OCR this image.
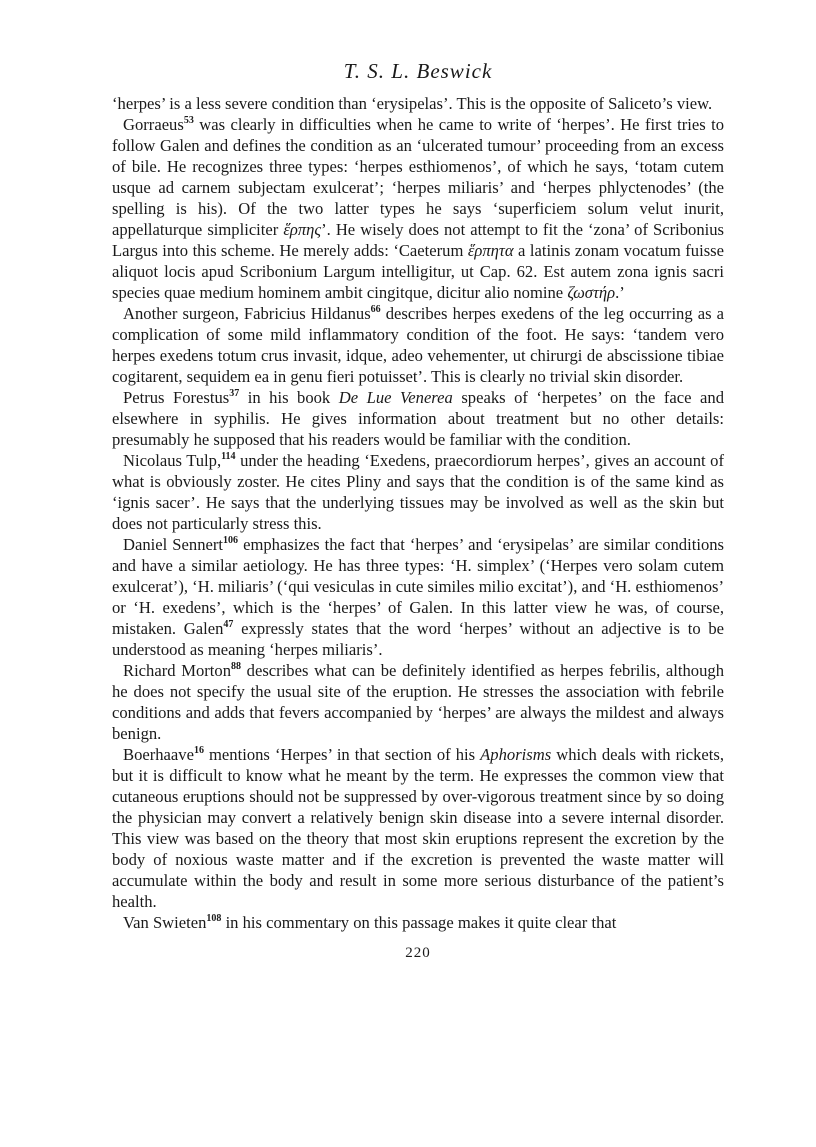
T. S. L. Beswick

‘herpes’ is a less severe condition than ‘erysipelas’. This is the opposite of Saliceto’s view.

Gorraeus$^{53}$ was clearly in difficulties when he came to write of ‘herpes’. He first tries to follow Galen and defines the condition as an ‘ulcerated tumour’ proceeding from an excess of bile. He recognizes three types: ‘herpes esthiomenos’, of which he says, ‘totam cutem usque ad carnem subjectam exulcerat’; ‘herpes miliaris’ and ‘herpes phlyctenodes’ (the spelling is his). Of the two latter types he says ‘superficiem solum velut inurit, appellaturque simpliciter ἕρπης’. He wisely does not attempt to fit the ‘zona’ of Scribonius Largus into this scheme. He merely adds: ‘Caeterum ἕρπητα a latinis zonam vocatum fuisse aliquot locis apud Scribonium Largum intelligitur, ut Cap. 62. Est autem zona ignis sacri species quae medium hominem ambit cingitque, dicitur alio nomine ζωστήρ.’

Another surgeon, Fabricius Hildanus$^{66}$ describes herpes exedens of the leg occurring as a complication of some mild inflammatory condition of the foot. He says: ‘tandem vero herpes exedens totum crus invasit, idque, adeo vehementer, ut chirurgi de abscissione tibiae cogitarent, sequidem ea in genu fieri potuisset’. This is clearly no trivial skin disorder.

Petrus Forestus$^{37}$ in his book De Lue Venerea speaks of ‘herpetes’ on the face and elsewhere in syphilis. He gives information about treatment but no other details: presumably he supposed that his readers would be familiar with the condition.

Nicolaus Tulp,$^{114}$ under the heading ‘Exedens, praecordiorum herpes’, gives an account of what is obviously zoster. He cites Pliny and says that the condition is of the same kind as ‘ignis sacer’. He says that the underlying tissues may be involved as well as the skin but does not particularly stress this.

Daniel Sennert$^{106}$ emphasizes the fact that ‘herpes’ and ‘erysipelas’ are similar conditions and have a similar aetiology. He has three types: ‘H. simplex’ (‘Herpes vero solam cutem exulcerat’), ‘H. miliaris’ (‘qui vesiculas in cute similes milio excitat’), and ‘H. esthiomenos’ or ‘H. exedens’, which is the ‘herpes’ of Galen. In this latter view he was, of course, mistaken. Galen$^{47}$ expressly states that the word ‘herpes’ without an adjective is to be understood as meaning ‘herpes miliaris’.

Richard Morton$^{88}$ describes what can be definitely identified as herpes febrilis, although he does not specify the usual site of the eruption. He stresses the association with febrile conditions and adds that fevers accompanied by ‘herpes’ are always the mildest and always benign.

Boerhaave$^{16}$ mentions ‘Herpes’ in that section of his Aphorisms which deals with rickets, but it is difficult to know what he meant by the term. He expresses the common view that cutaneous eruptions should not be suppressed by over-vigorous treatment since by so doing the physician may convert a relatively benign skin disease into a severe internal disorder. This view was based on the theory that most skin eruptions represent the excretion by the body of noxious waste matter and if the excretion is prevented the waste matter will accumulate within the body and result in some more serious disturbance of the patient’s health.

Van Swieten$^{108}$ in his commentary on this passage makes it quite clear that

220
